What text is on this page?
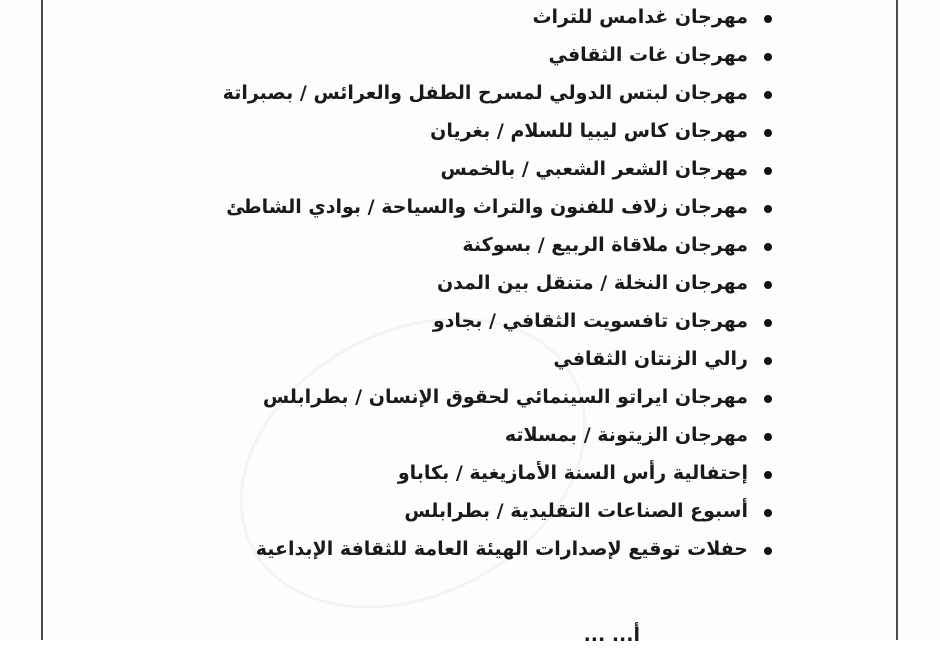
مهرجان غدامس للتراث
مهرجان غات الثقافي
مهرجان لبتس الدولي لمسرح الطفل والعرائس / بصبراتة
مهرجان كاس ليبيا للسلام / بغريان
مهرجان الشعر الشعبي / بالخمس
مهرجان زلاف للفنون والتراث والسياحة / بوادي الشاطئ
مهرجان ملاقاة الربيع / بسوكنة
مهرجان النخلة / متنقل بين المدن
مهرجان تافسويت الثقافي / بجادو
رالي الزنتان الثقافي
مهرجان ايراتو السينمائي لحقوق الإنسان / بطرابلس
مهرجان الزيتونة / بمسلاته
إحتفالية رأس السنة الأمازيغية / بكاباو
أسبوع الصناعات التقليدية / بطرابلس
حفلات توقيع لإصدارات الهيئة العامة للثقافة الإبداعية
أ... ...
